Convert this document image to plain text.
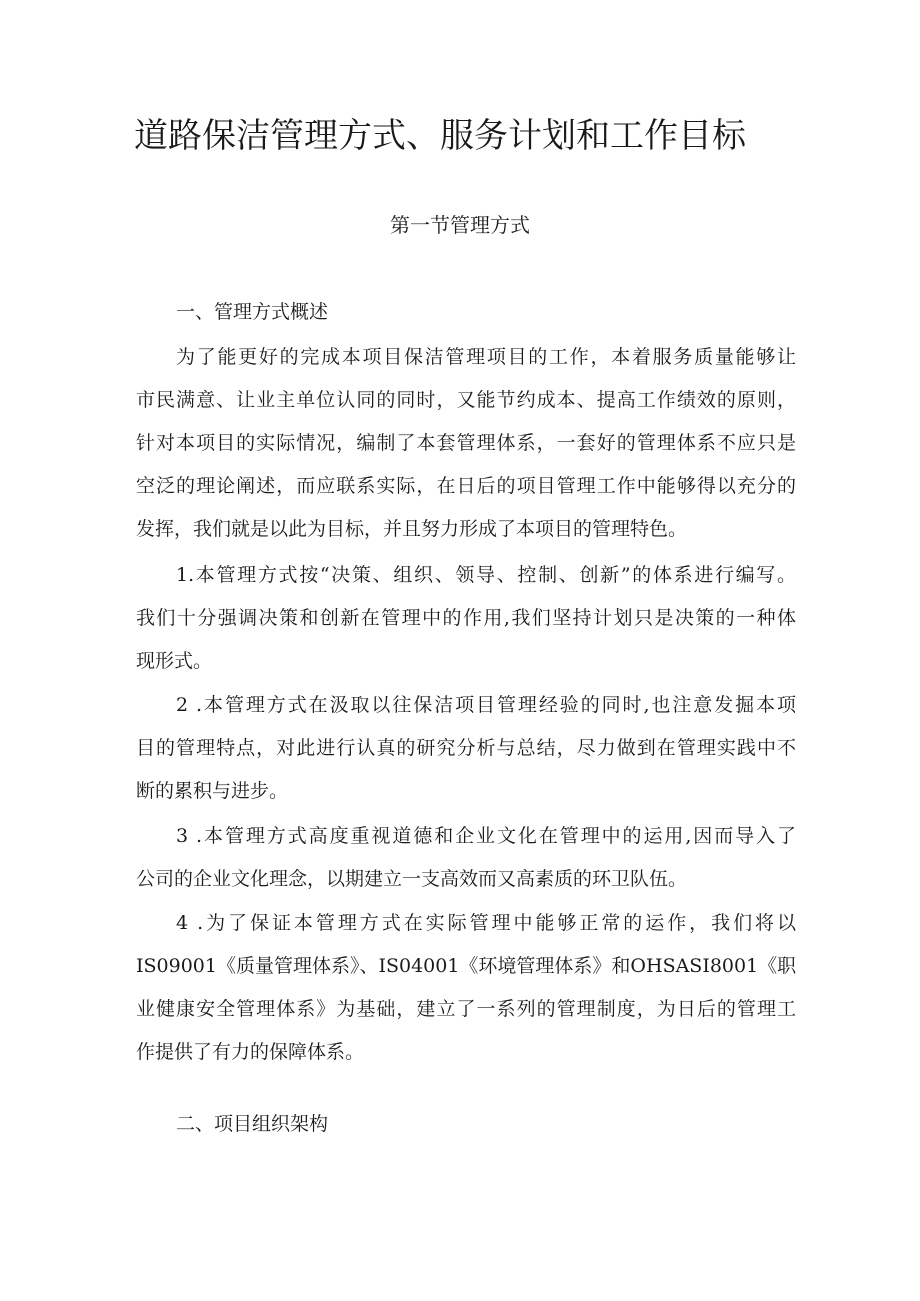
道路保洁管理方式、服务计划和工作目标
第一节管理方式
一、管理方式概述
为了能更好的完成本项目保洁管理项目的工作，本着服务质量能够让
市民满意、让业主单位认同的同时，又能节约成本、提高工作绩效的原则，
针对本项目的实际情况，编制了本套管理体系，一套好的管理体系不应只是
空泛的理论阐述，而应联系实际，在日后的项目管理工作中能够得以充分的
发挥，我们就是以此为目标，并且努力形成了本项目的管理特色。
1.本管理方式按“决策、组织、领导、控制、创新”的体系进行编写。
我们十分强调决策和创新在管理中的作用,我们坚持计划只是决策的一种体
现形式。
2 .本管理方式在汲取以往保洁项目管理经验的同时,也注意发掘本项
目的管理特点，对此进行认真的研究分析与总结，尽力做到在管理实践中不
断的累积与进步。
3 .本管理方式高度重视道德和企业文化在管理中的运用,因而导入了
公司的企业文化理念，以期建立一支高效而又高素质的环卫队伍。
4 .为了保证本管理方式在实际管理中能够正常的运作，我们将以
IS09001《质量管理体系》、IS04001《环境管理体系》和OHSASI8001《职
业健康安全管理体系》为基础，建立了一系列的管理制度，为日后的管理工
作提供了有力的保障体系。
二、项目组织架构
